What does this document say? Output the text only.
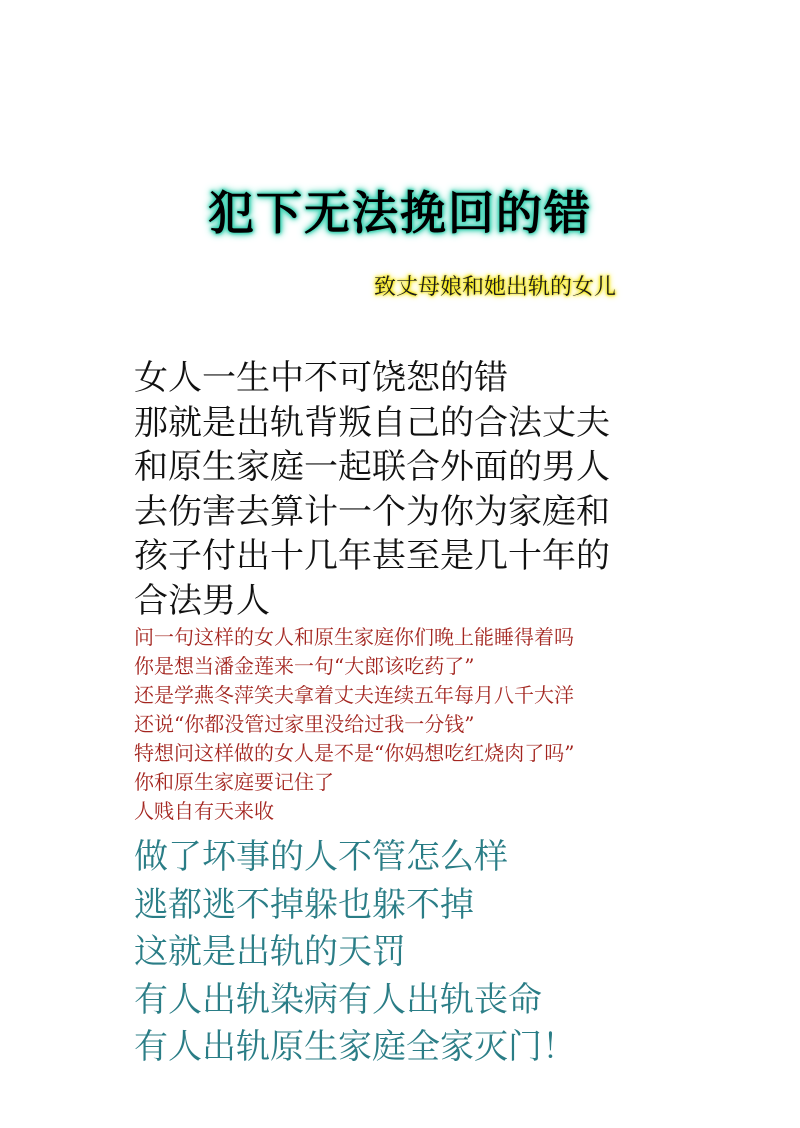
犯下无法挽回的错
致丈母娘和她出轨的女儿
女人一生中不可饶恕的错
那就是出轨背叛自己的合法丈夫
和原生家庭一起联合外面的男人
去伤害去算计一个为你为家庭和
孩子付出十几年甚至是几十年的
合法男人
问一句这样的女人和原生家庭你们晚上能睡得着吗
你是想当潘金莲来一句“大郎该吃药了”
还是学燕冬萍笑夫拿着丈夫连续五年每月八千大洋
还说“你都没管过家里没给过我一分钱”
特想问这样做的女人是不是“你妈想吃红烧肉了吗”
你和原生家庭要记住了
人贱自有天来收
做了坏事的人不管怎么样
逃都逃不掉躲也躲不掉
这就是出轨的天罚
有人出轨染病有人出轨丧命
有人出轨原生家庭全家灭门！
